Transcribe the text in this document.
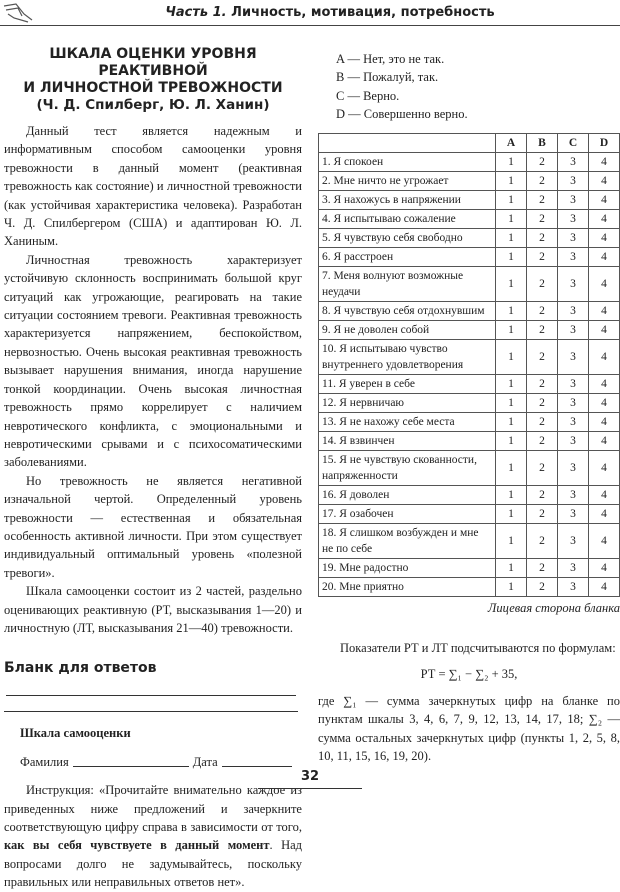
Часть 1. Личность, мотивация, потребность
ШКАЛА ОЦЕНКИ УРОВНЯ РЕАКТИВНОЙ
И ЛИЧНОСТНОЙ ТРЕВОЖНОСТИ
(Ч. Д. Спилберг, Ю. Л. Ханин)

Данный тест является надежным и информативным способом самооценки уровня тревожности в данный момент (реактивная тревожность как состояние) и личностной тревожности (как устойчивая характеристика человека). Разработан Ч. Д. Спилбергером (США) и адаптирован Ю. Л. Ханиным.

Личностная тревожность характеризует устойчивую склонность воспринимать большой круг ситуаций как угрожающие, реагировать на такие ситуации состоянием тревоги. Реактивная тревожность характеризуется напряжением, беспокойством, нервозностью. Очень высокая реактивная тревожность вызывает нарушения внимания, иногда нарушение тонкой координации. Очень высокая личностная тревожность прямо коррелирует с наличием невротического конфликта, с эмоциональными и невротическими срывами и с психосоматическими заболеваниями.

Но тревожность не является негативной изначальной чертой. Определенный уровень тревожности — естественная и обязательная особенность активной личности. При этом существует индивидуальный оптимальный уровень «полезной тревоги».

Шкала самооценки состоит из 2 частей, раздельно оценивающих реактивную (РТ, высказывания 1—20) и личностную (ЛТ, высказывания 21—40) тревожности.

Бланк для ответов
Шкала самооценки
Фамилия	Дата

Инструкция: «Прочитайте внимательно каждое из приведенных ниже предложений и зачеркните соответствующую цифру справа в зависимости от того, как вы себя чувствуете в данный момент. Над вопросами долго не задумывайтесь, поскольку правильных или неправильных ответов нет».

A — Нет, это не так.
B — Пожалуй, так.
C — Верно.
D — Совершенно верно.
	A	B	C	D
1. Я спокоен	1	2	3	4
2. Мне ничто не угрожает	1	2	3	4
3. Я нахожусь в напряжении	1	2	3	4
4. Я испытываю сожаление	1	2	3	4
5. Я чувствую себя свободно	1	2	3	4
6. Я расстроен	1	2	3	4
7. Меня волнуют возможные неудачи	1	2	3	4
8. Я чувствую себя отдохнувшим	1	2	3	4
9. Я не доволен собой	1	2	3	4
10. Я испытываю чувство внутреннего удовлетворения	1	2	3	4
11. Я уверен в себе	1	2	3	4
12. Я нервничаю	1	2	3	4
13. Я не нахожу себе места	1	2	3	4
14. Я взвинчен	1	2	3	4
15. Я не чувствую скованности, напряженности	1	2	3	4
16. Я доволен	1	2	3	4
17. Я озабочен	1	2	3	4
18. Я слишком возбужден и мне не по себе	1	2	3	4
19. Мне радостно	1	2	3	4
20. Мне приятно	1	2	3	4
Лицевая сторона бланка

Показатели РТ и ЛТ подсчитываются по формулам:

РТ = ∑₁ − ∑₂ + 35,

где ∑₁ — сумма зачеркнутых цифр на бланке по пунктам шкалы 3, 4, 6, 7, 9, 12, 13, 14, 17, 18; ∑₂ — сумма остальных зачеркнутых цифр (пункты 1, 2, 5, 8, 10, 11, 15, 16, 19, 20).

32
